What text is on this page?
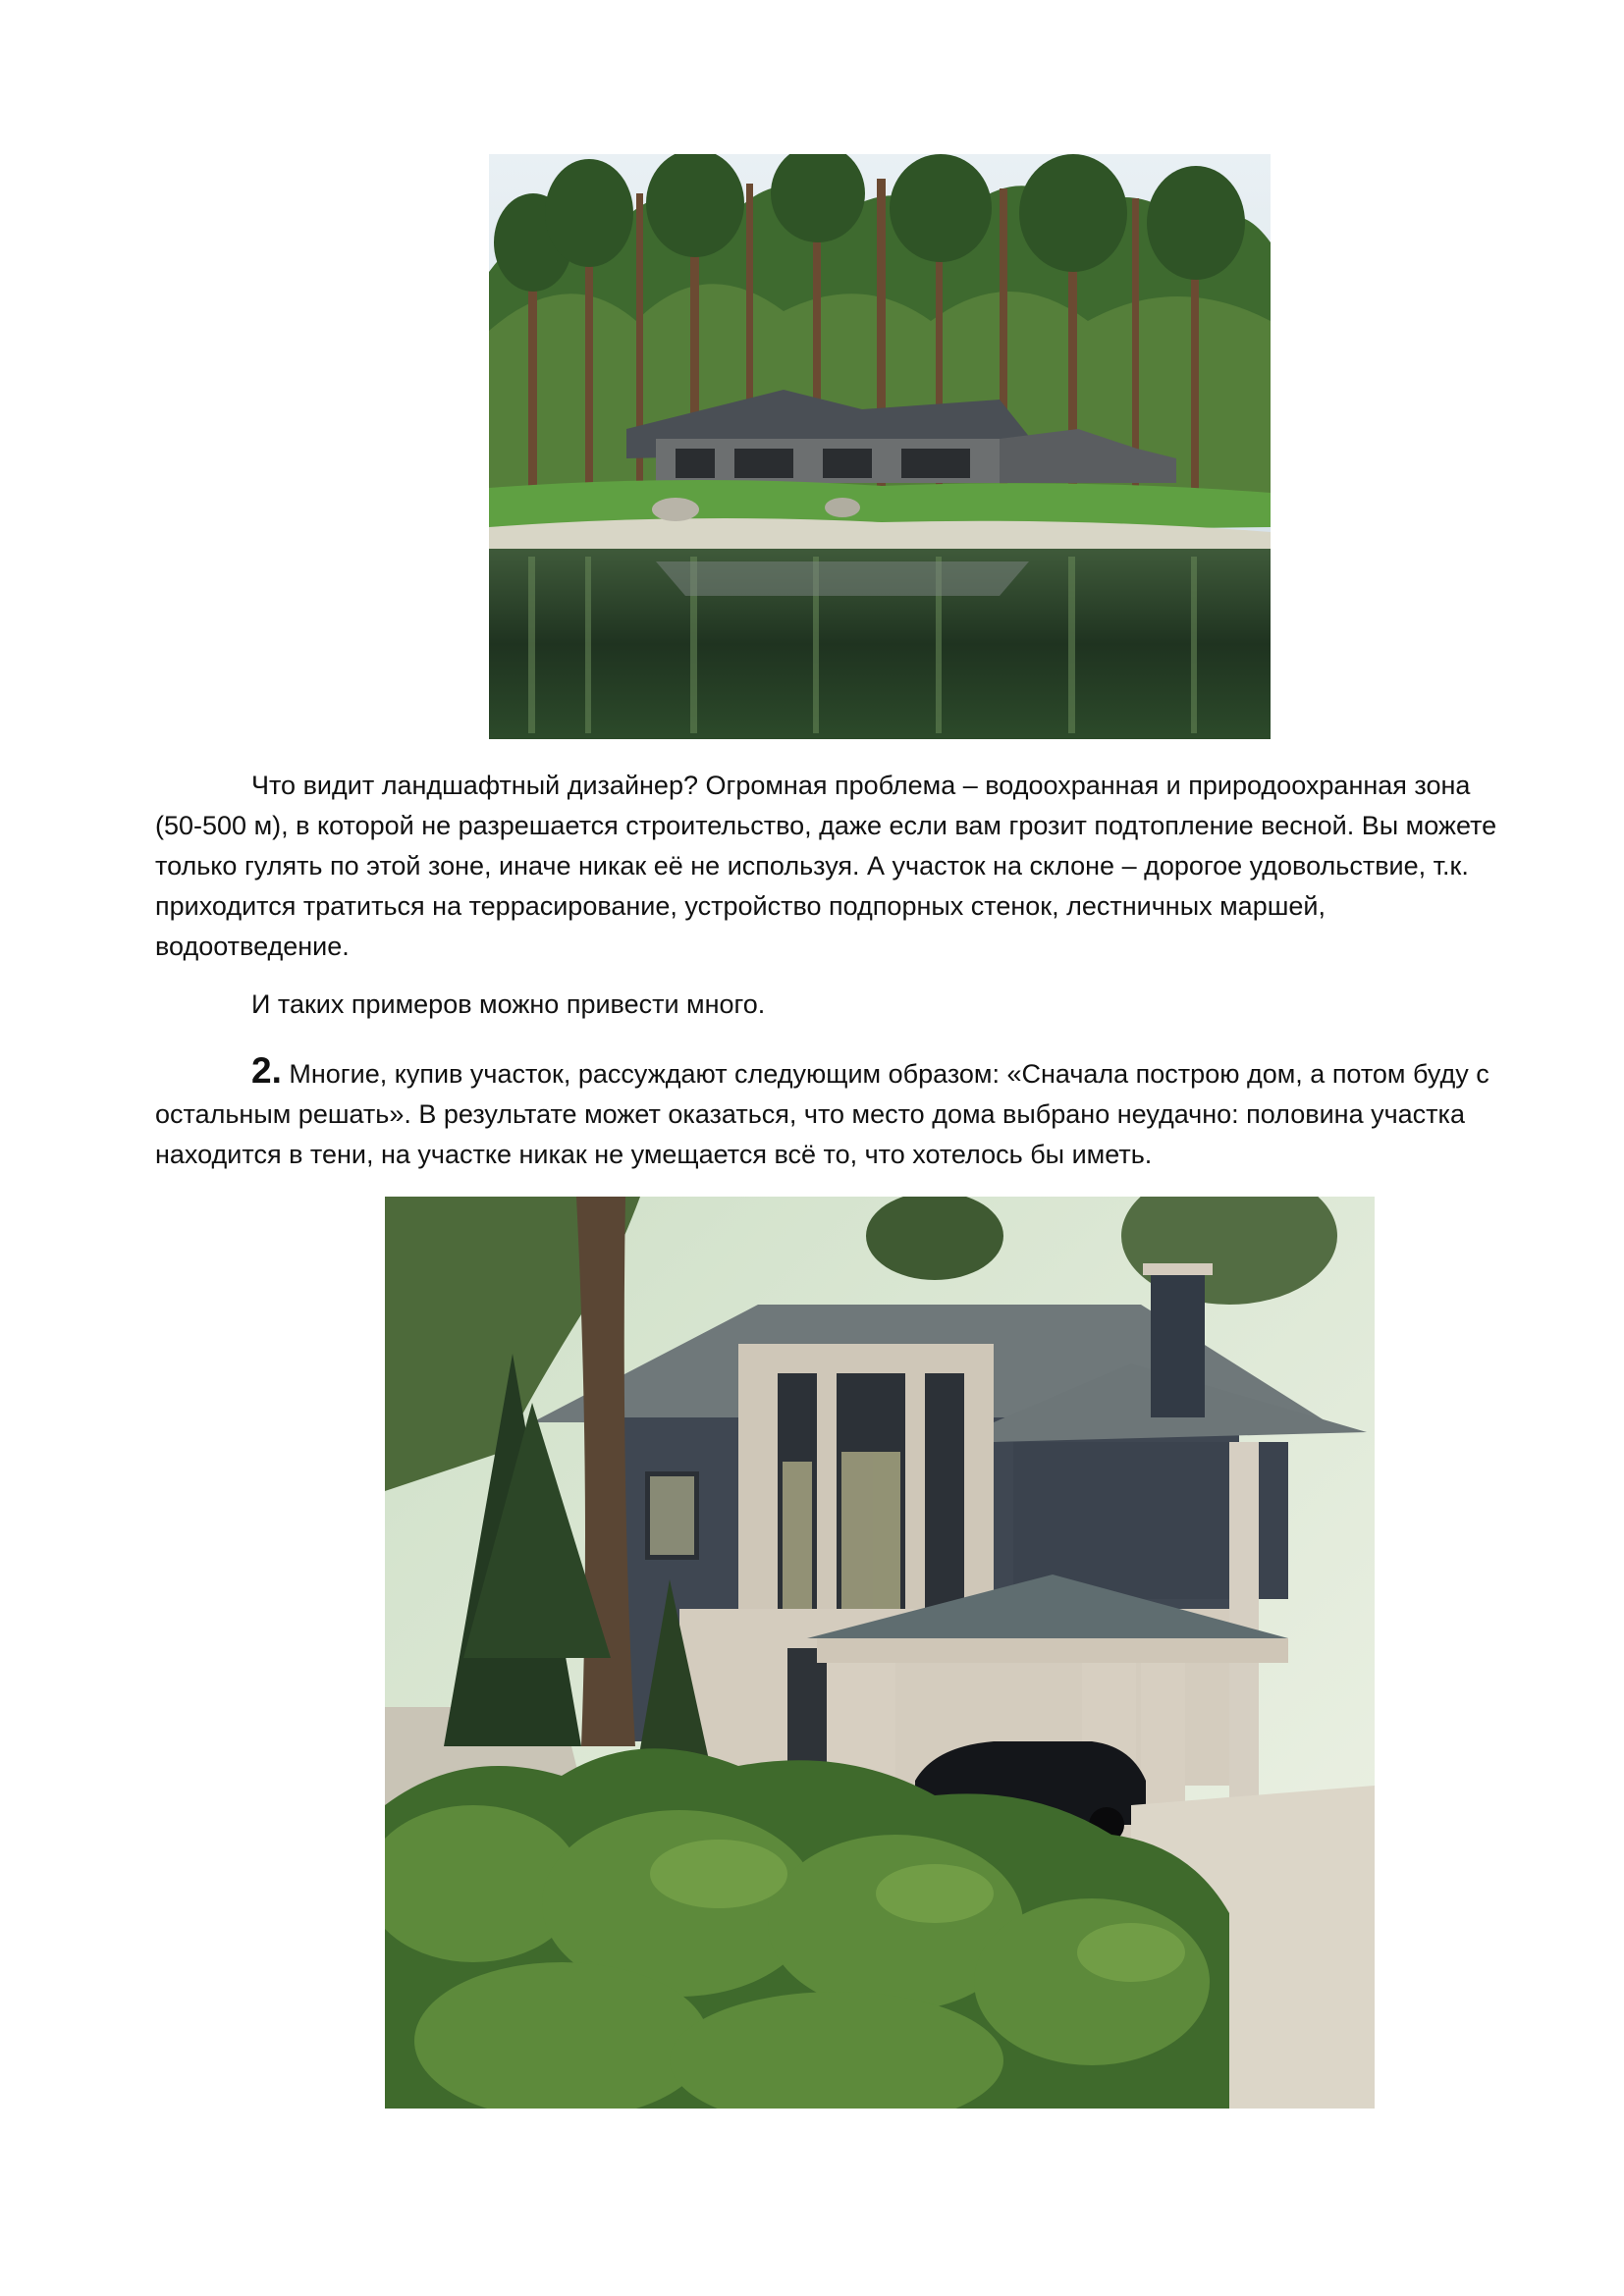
Что видит ландшафтный дизайнер? Огромная проблема – водоохранная и природоохранная зона (50-500 м), в которой не разрешается строительство, даже если вам грозит подтопление весной. Вы можете только гулять по этой зоне, иначе никак её не используя. А участок на склоне – дорогое удовольствие, т.к. приходится тратиться на террасирование, устройство подпорных стенок, лестничных маршей, водоотведение.

И таких примеров можно привести много.

2. Многие, купив участок, рассуждают следующим образом: «Сначала построю дом, а потом буду с остальным решать». В результате может оказаться, что место дома выбрано неудачно: половина участка находится в тени, на участке никак не умещается всё то, что хотелось бы иметь.
